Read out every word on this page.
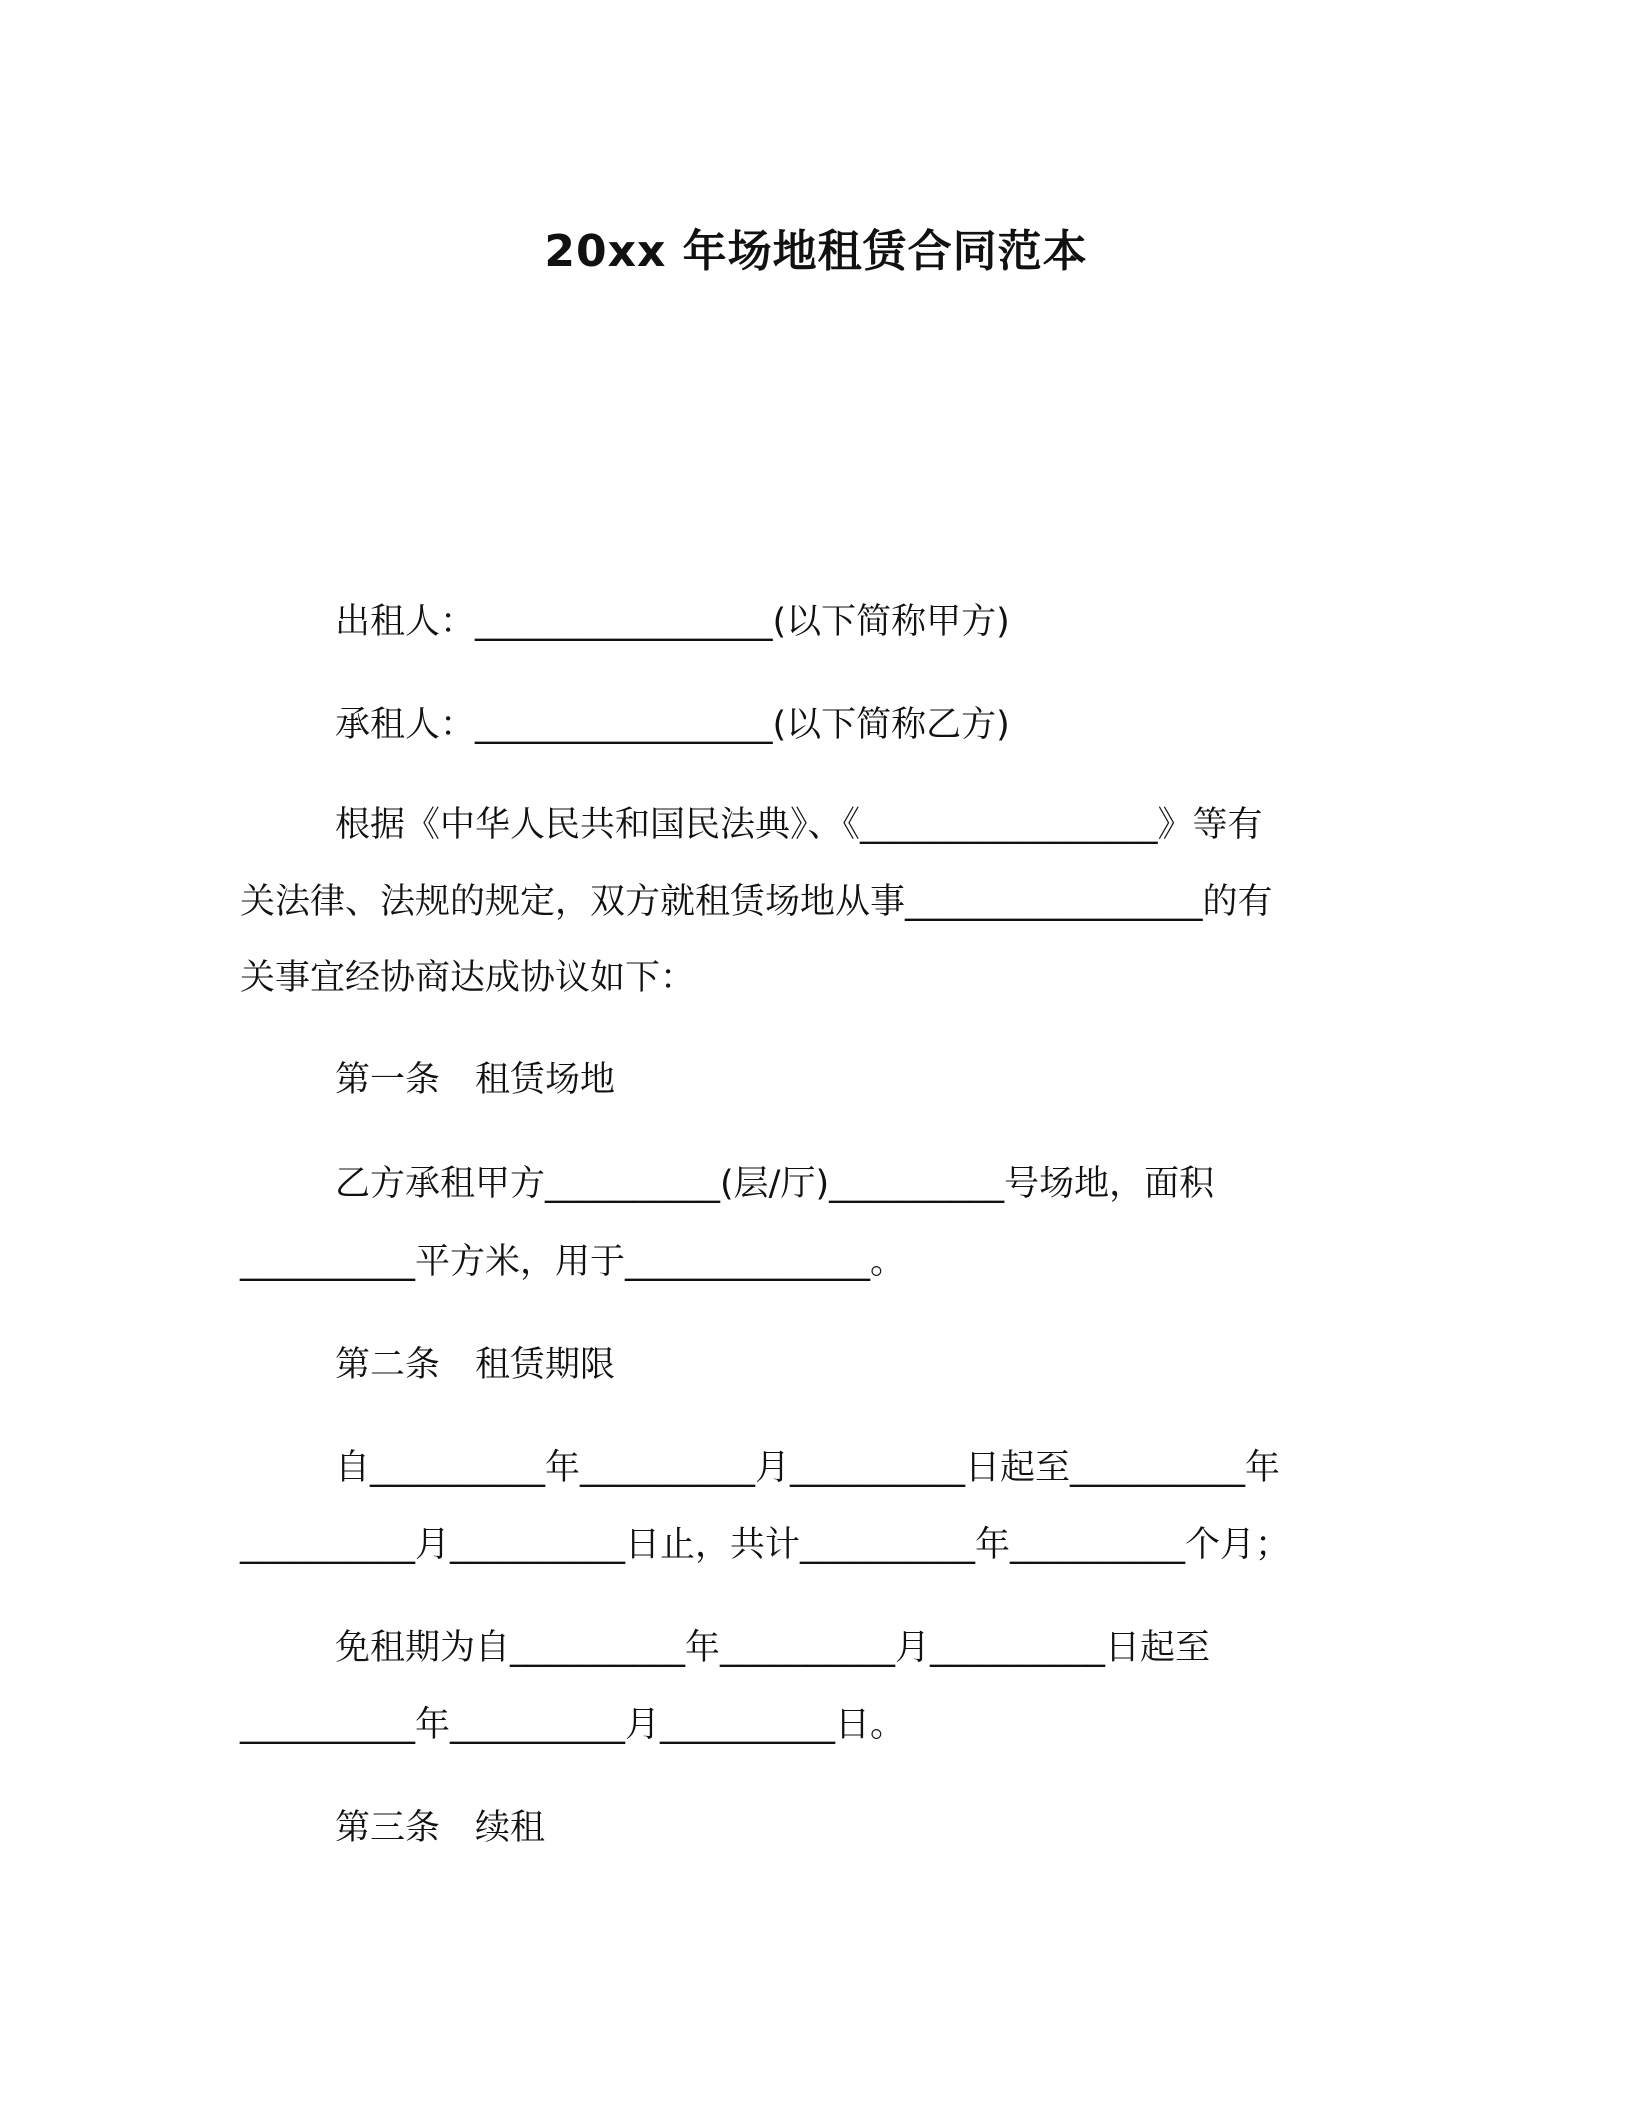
20xx 年场地租赁合同范本
出租人：_________________(以下简称甲方)
承租人：_________________(以下简称乙方)
根据《中华人民共和国民法典》、《_________________》等有
关法律、法规的规定，双方就租赁场地从事_________________的有
关事宜经协商达成协议如下：
第一条　租赁场地
乙方承租甲方__________(层/厅)__________号场地，面积
__________平方米，用于______________。
第二条　租赁期限
自__________年__________月__________日起至__________年
__________月__________日止，共计__________年__________个月；
免租期为自__________年__________月__________日起至
__________年__________月__________日。
第三条　续租
